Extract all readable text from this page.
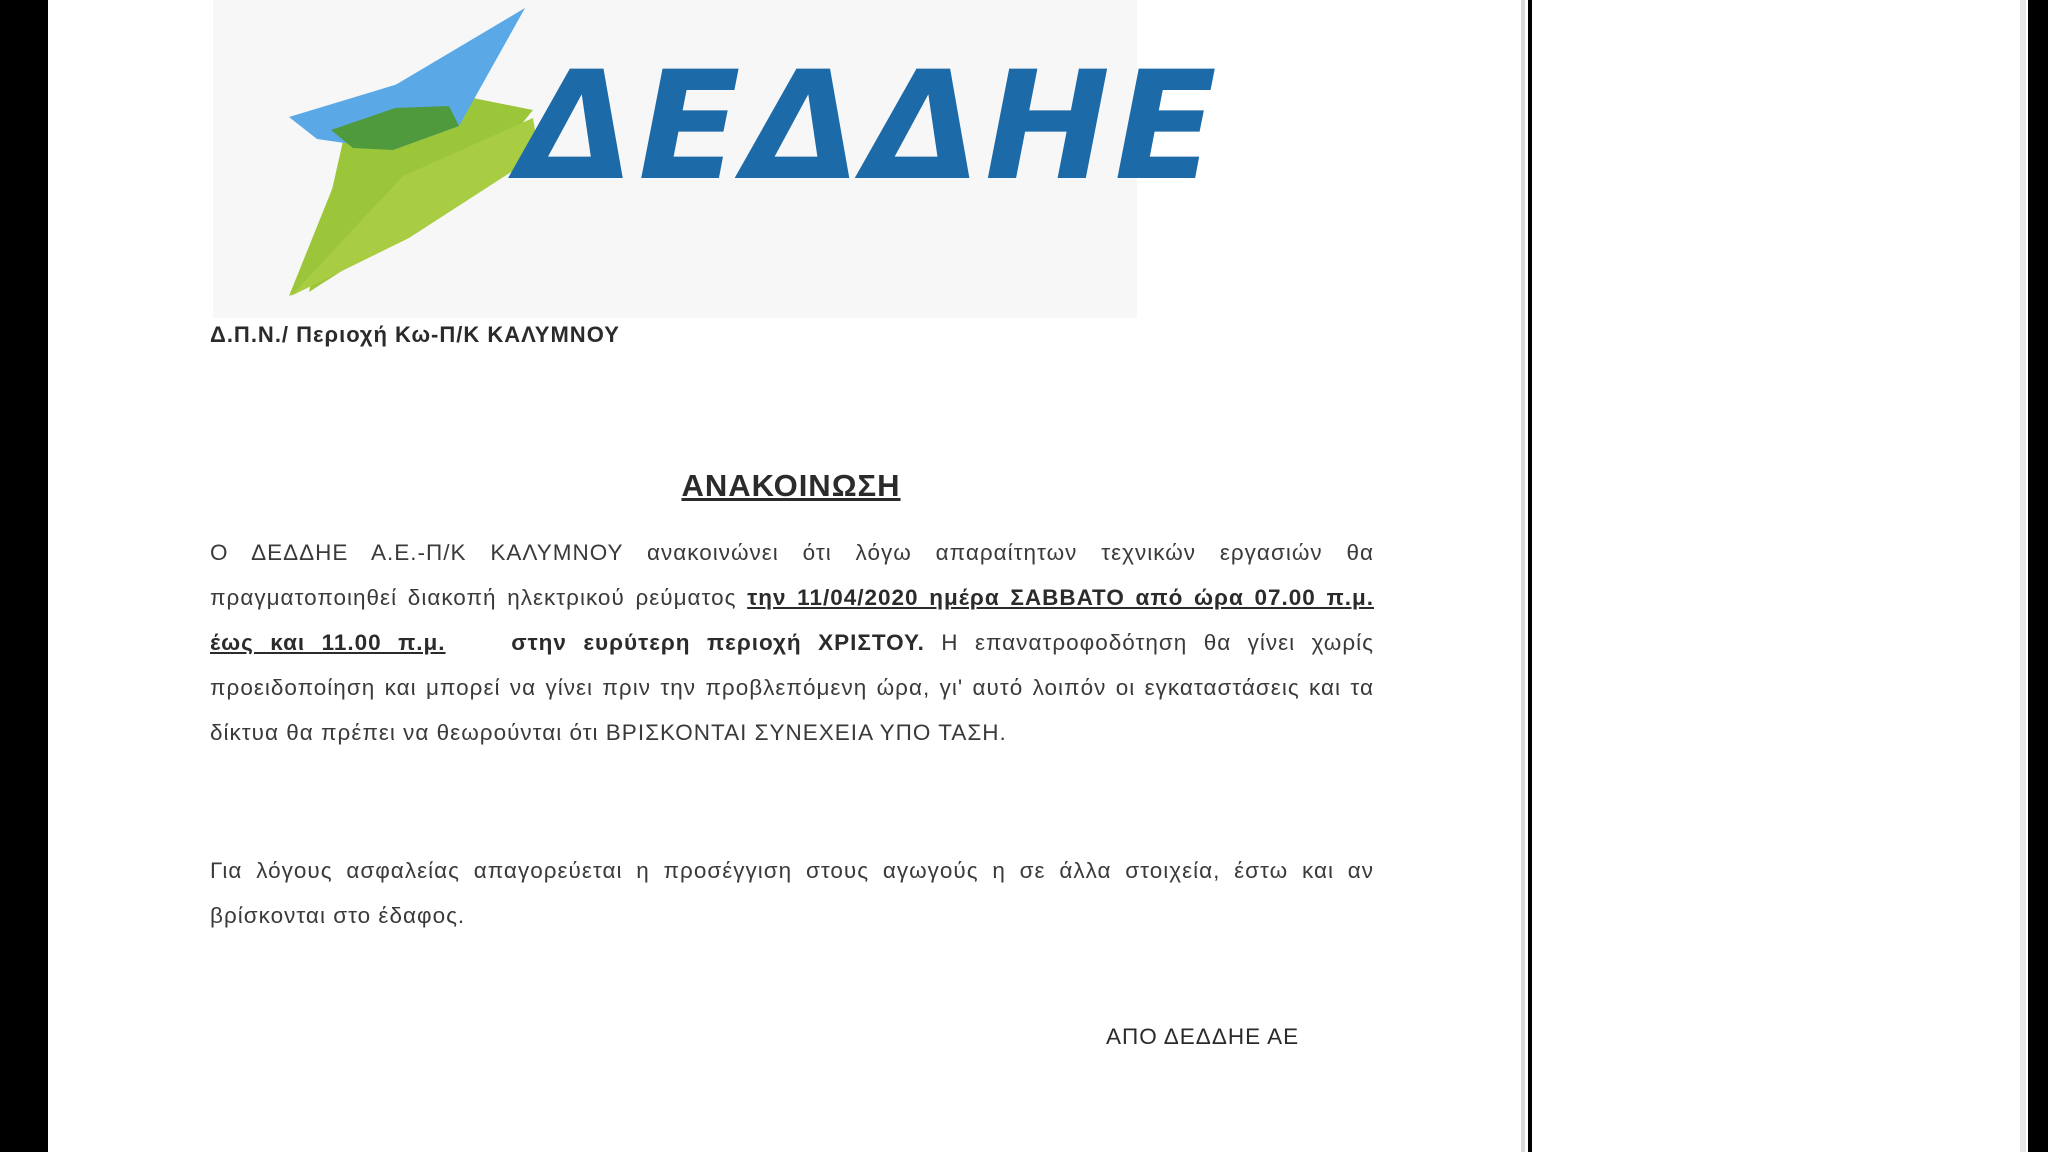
ΔΕΔΔΗΕ
Δ.Π.Ν./ Περιοχή Κω-Π/Κ ΚΑΛΥΜΝΟΥ
ΑΝΑΚΟΙΝΩΣΗ
Ο ΔΕΔΔΗΕ Α.Ε.-Π/Κ ΚΑΛΥΜΝΟΥ ανακοινώνει ότι λόγω απαραίτητων τεχνικών εργασιών θα πραγματοποιηθεί διακοπή ηλεκτρικού ρεύματος την 11/04/2020 ημέρα ΣΑΒΒΑΤΟ από ώρα 07.00 π.μ. έως και 11.00 π.μ.	στην ευρύτερη περιοχή ΧΡΙΣΤΟΥ. Η επανατροφοδότηση θα γίνει χωρίς προειδοποίηση και μπορεί να γίνει πριν την προβλεπόμενη ώρα, γι' αυτό λοιπόν οι εγκαταστάσεις και τα δίκτυα θα πρέπει να θεωρούνται ότι ΒΡΙΣΚΟΝΤΑΙ ΣΥΝΕΧΕΙΑ ΥΠΟ ΤΑΣΗ.
Για λόγους ασφαλείας απαγορεύεται η προσέγγιση στους αγωγούς η σε άλλα στοιχεία, έστω και αν βρίσκονται στο έδαφος.
ΑΠΟ ΔΕΔΔΗΕ ΑΕ
